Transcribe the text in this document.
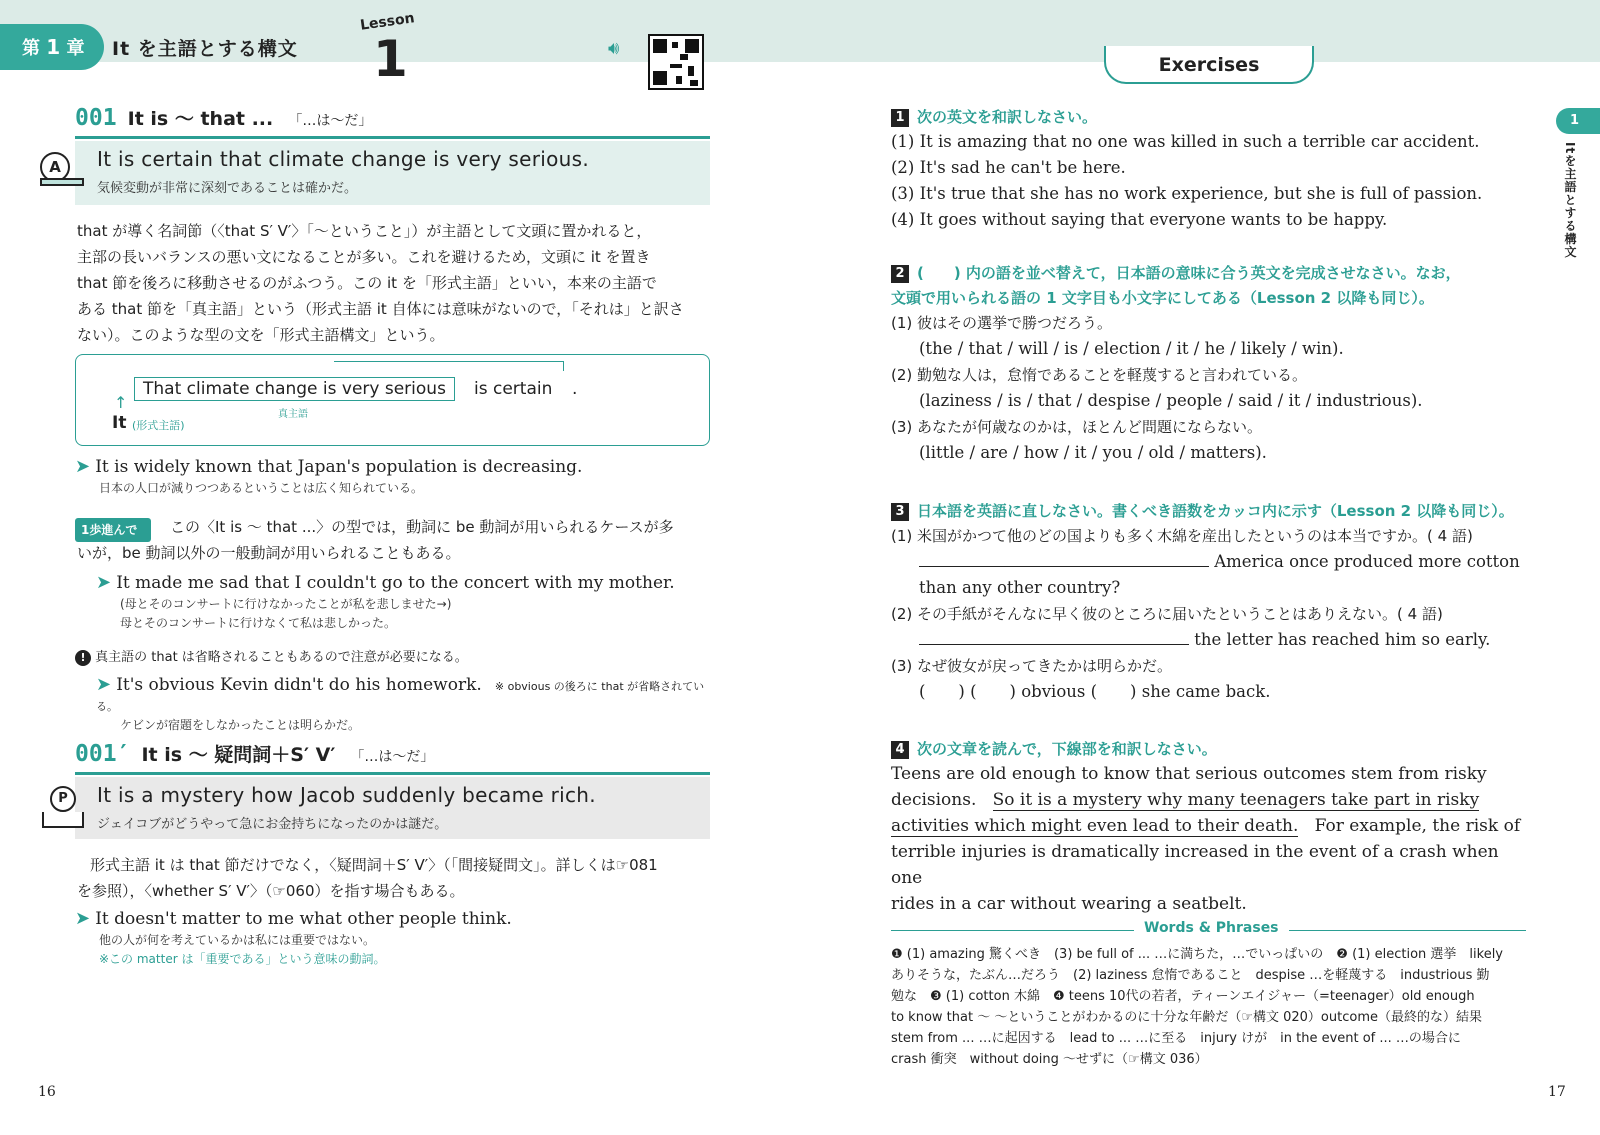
第 1 章	It を主語とする構文
Lesson
1	🔊︎
001 It is ～ that ... 「…は～だ」
It is certain that climate change is very serious.
気候変動が非常に深刻であることは確かだ。
A
that が導く名詞節（〈that S′ V′〉「～ということ」）が主語として文頭に置かれると，
主部の長いバランスの悪い文になることが多い。これを避けるため，文頭に it を置き
that 節を後ろに移動させるのがふつう。この it を「形式主語」といい，本来の主語で
ある that 節を「真主語」という（形式主語 it 自体には意味がないので，「それは」と訳さ
ない）。このような型の文を「形式主語構文」という。
That climate change is very serious	is certain .
真主語
↑
It (形式主語)
➤ It is widely known that Japan's population is decreasing.
日本の人口が減りつつあるということは広く知られている。
1歩進んで	この〈It is ～ that ...〉の型では，動詞に be 動詞が用いられるケースが多
いが，be 動詞以外の一般動詞が用いられることもある。
➤ It made me sad that I couldn't go to the concert with my mother.
(母とそのコンサートに行けなかったことが私を悲しませた→)
母とそのコンサートに行けなくて私は悲しかった。
! 真主語の that は省略されることもあるので注意が必要になる。
➤ It's obvious Kevin didn't do his homework. ※ obvious の後ろに that が省略されている。
ケビンが宿題をしなかったことは明らかだ。
001′ It is ～ 疑問詞＋S′ V′ 「…は～だ」
It is a mystery how Jacob suddenly became rich.
ジェイコブがどうやって急にお金持ちになったのかは謎だ。
P
形式主語 it は that 節だけでなく，〈疑問詞＋S′ V′〉（「間接疑問文」。詳しくは☞081
を参照），〈whether S′ V′〉（☞060）を指す場合もある。
➤ It doesn't matter to me what other people think.
他の人が何を考えているかは私には重要ではない。
※この matter は「重要である」という意味の動詞。
16
Exercises
1 次の英文を和訳しなさい。
(1) It is amazing that no one was killed in such a terrible car accident.
(2) It's sad he can't be here.
(3) It's true that she has no work experience, but she is full of passion.
(4) It goes without saying that everyone wants to be happy.
2 (　　) 内の語を並べ替えて，日本語の意味に合う英文を完成させなさい。なお，
文頭で用いられる語の 1 文字目も小文字にしてある（Lesson 2 以降も同じ）。
(1) 彼はその選挙で勝つだろう。
(the / that / will / is / election / it / he / likely / win).
(2) 勤勉な人は，怠惰であることを軽蔑すると言われている。
(laziness / is / that / despise / people / said / it / industrious).
(3) あなたが何歳なのかは，ほとんど問題にならない。
(little / are / how / it / you / old / matters).
3 日本語を英語に直しなさい。書くべき語数をカッコ内に示す（Lesson 2 以降も同じ）。
(1) 米国がかつて他のどの国よりも多く木綿を産出したというのは本当ですか。( 4 語)
America once produced more cotton
than any other country?
(2) その手紙がそんなに早く彼のところに届いたということはありえない。( 4 語)
the letter has reached him so early.
(3) なぜ彼女が戻ってきたかは明らかだ。
(　　) (　　) obvious (　　) she came back.
4 次の文章を読んで，下線部を和訳しなさい。
Teens are old enough to know that serious outcomes stem from risky
decisions. So it is a mystery why many teenagers take part in risky
activities which might even lead to their death. For example, the risk of
terrible injuries is dramatically increased in the event of a crash when one
rides in a car without wearing a seatbelt.
Words & Phrases
❶ (1) amazing 驚くべき　(3) be full of ... …に満ちた，…でいっぱいの　❷ (1) election 選挙　likely
ありそうな，たぶん…だろう　(2) laziness 怠惰であること　despise …を軽蔑する　industrious 勤
勉な　❸ (1) cotton 木綿　❹ teens 10代の若者，ティーンエイジャー（=teenager）old enough
to know that ～ ～ということがわかるのに十分な年齢だ（☞構文 020）outcome（最終的な）結果
stem from ... …に起因する　lead to ... …に至る　injury けが　in the event of ... …の場合に
crash 衝突　without doing ～せずに（☞構文 036）
1
Itを主語とする構文
17
